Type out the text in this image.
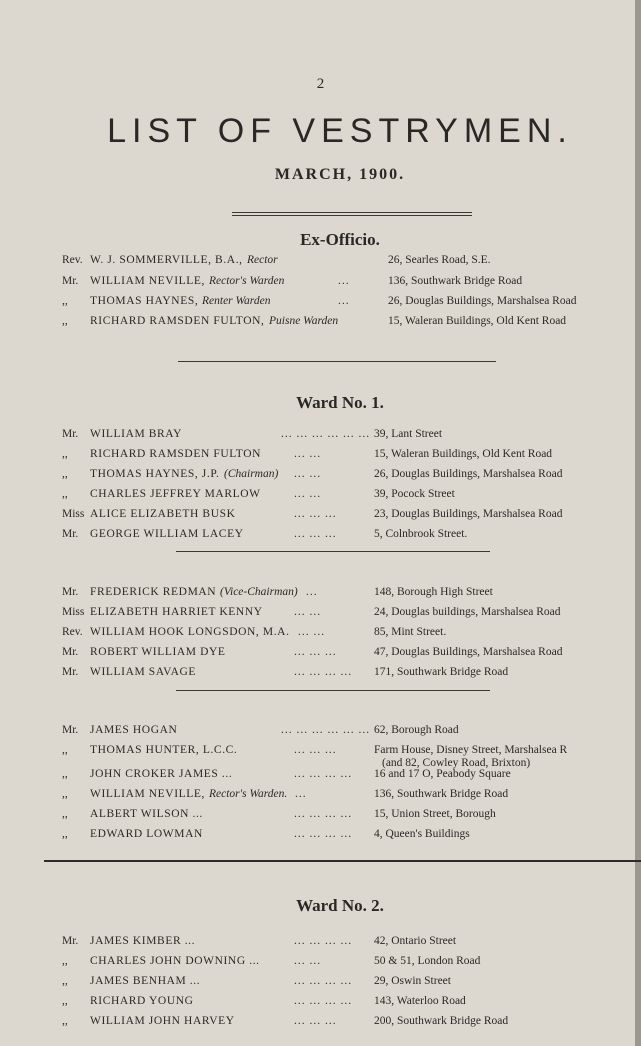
2
LIST OF VESTRYMEN.
MARCH, 1900.
Ex-Officio.
Rev. W. J. SOMMERVILLE, B.A., Rector	26, Searles Road, S.E.
Mr. WILLIAM NEVILLE, Rector's Warden	...	136, Southwark Bridge Road
,, THOMAS HAYNES, Renter Warden	...	26, Douglas Buildings, Marshalsea Road
,, RICHARD RAMSDEN FULTON, Puisne Warden	15, Waleran Buildings, Old Kent Road
Mr. WILLIAM BRAY	... ... ... ... ... ... 39, Lant Street
,, RICHARD RAMSDEN FULTON	... ...	15, Waleran Buildings, Old Kent Road
,, THOMAS HAYNES, J.P. (Chairman) ... ...	26, Douglas Buildings, Marshalsea Road
,, CHARLES JEFFREY MARLOW	... ...	39, Pocock Street
Miss ALICE ELIZABETH BUSK	... ... ...	23, Douglas Buildings, Marshalsea Road
Mr. GEORGE WILLIAM LACEY	... ... ...	5, Colnbrook Street.
Mr. FREDERICK REDMAN (Vice-Chairman) ...	148, Borough High Street
Miss ELIZABETH HARRIET KENNY	... ...	24, Douglas buildings, Marshalsea Road
Rev. WILLIAM HOOK LONGSDON, M.A. ... ...	85, Mint Street.
Mr. ROBERT WILLIAM DYE	... ... ...	47, Douglas Buildings, Marshalsea Road
Mr. WILLIAM SAVAGE	... ... ... ... 171, Southwark Bridge Road
Mr. JAMES HOGAN	... ... ... ... ... ... 62, Borough Road
,, THOMAS HUNTER, L.C.C.	... ... ...	Farm House, Disney Street, Marshalsea R
(and 82, Cowley Road, Brixton)
,, JOHN CROKER JAMES ...	... ... ... ... 16 and 17 O, Peabody Square
,, WILLIAM NEVILLE, Rector's Warden. ...	136, Southwark Bridge Road
,, ALBERT WILSON ...	... ... ... ... 15, Union Street, Borough
,, EDWARD LOWMAN	... ... ... ... 4, Queen's Buildings
Mr. JAMES KIMBER ...	... ... ... ... 42, Ontario Street
,, CHARLES JOHN DOWNING ...	... ...	50 & 51, London Road
,, JAMES BENHAM ...	... ... ... ... 29, Oswin Street
,, RICHARD YOUNG	... ... ... ... 143, Waterloo Road
,, WILLIAM JOHN HARVEY	... ... ...	200, Southwark Bridge Road
Ward No. 1.
Ward No. 2.
